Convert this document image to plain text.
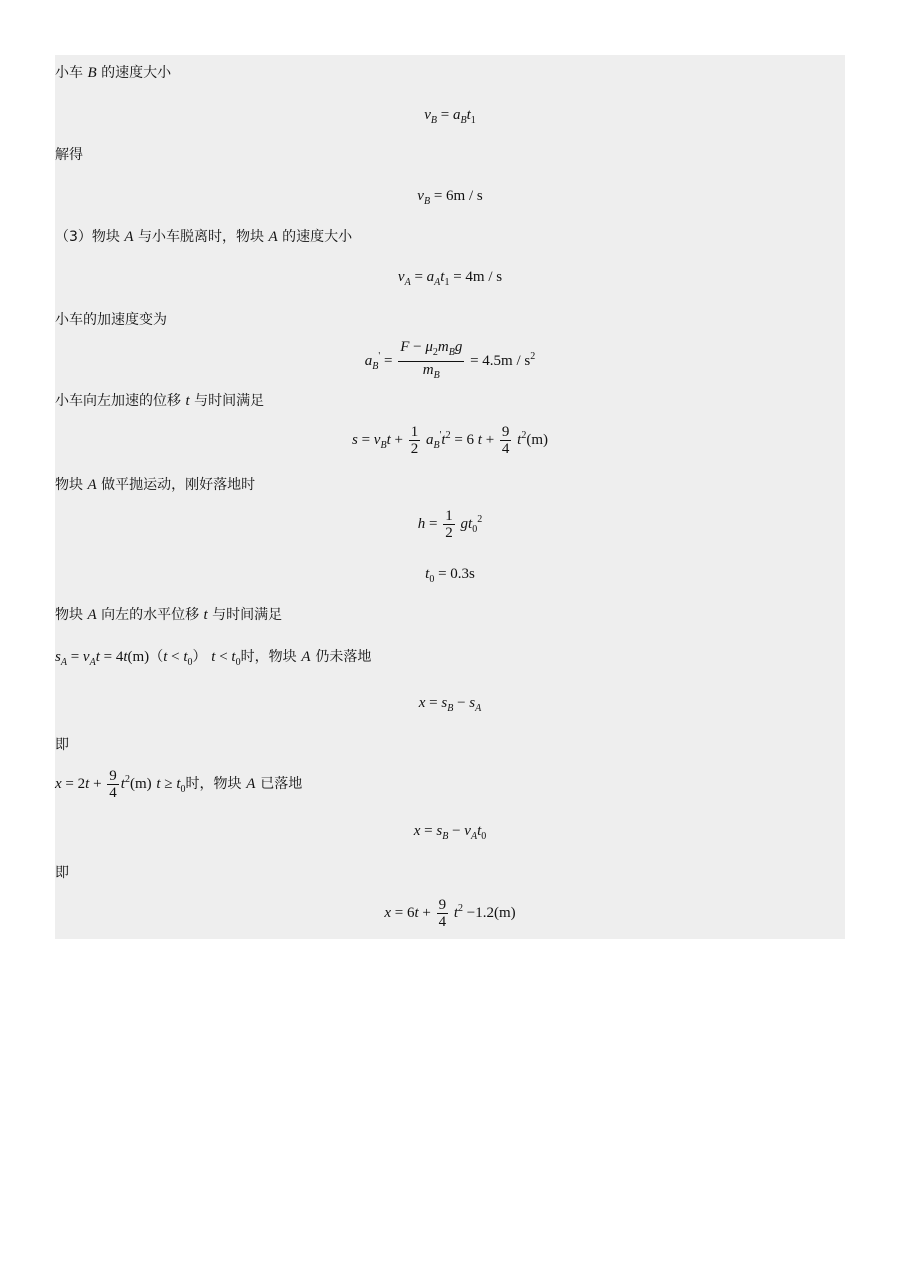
小车 B 的速度大小
$v_B = a_Bt_1$
解得
$v_B = 6m / s$
（3）物块 A 与小车脱离时，物块 A 的速度大小
$v_A = a_At_1 = 4m / s$
小车的加速度变为
$a_B' = \frac{F - \mu_2m_Bg}{m_B} = 4.5m / s^2$
小车向左加速的位移 t 与时间满足
$s = v_Bt + \frac{1}{2} a_B't^2 = 6$ $t + \frac{9}{4} t^2(m)$
物块 A 做平抛运动，刚好落地时
$h = \frac{1}{2} gt_0^2$
$t_0 = 0.3s$
物块 A 向左的水平位移 t 与时间满足
$s_A = v_At = 4t(m)(t < t_0) t < t_0$时，物块 A 仍未落地
$x = s_B - s_A$
即
$x = 2t + \frac{9}{4} t^2(m) t \ge t_0$时，物块 A 已落地
$x = s_B - v_At_0$
即
$x = 6t + \frac{9}{4} t^2 -1.2(m)$
